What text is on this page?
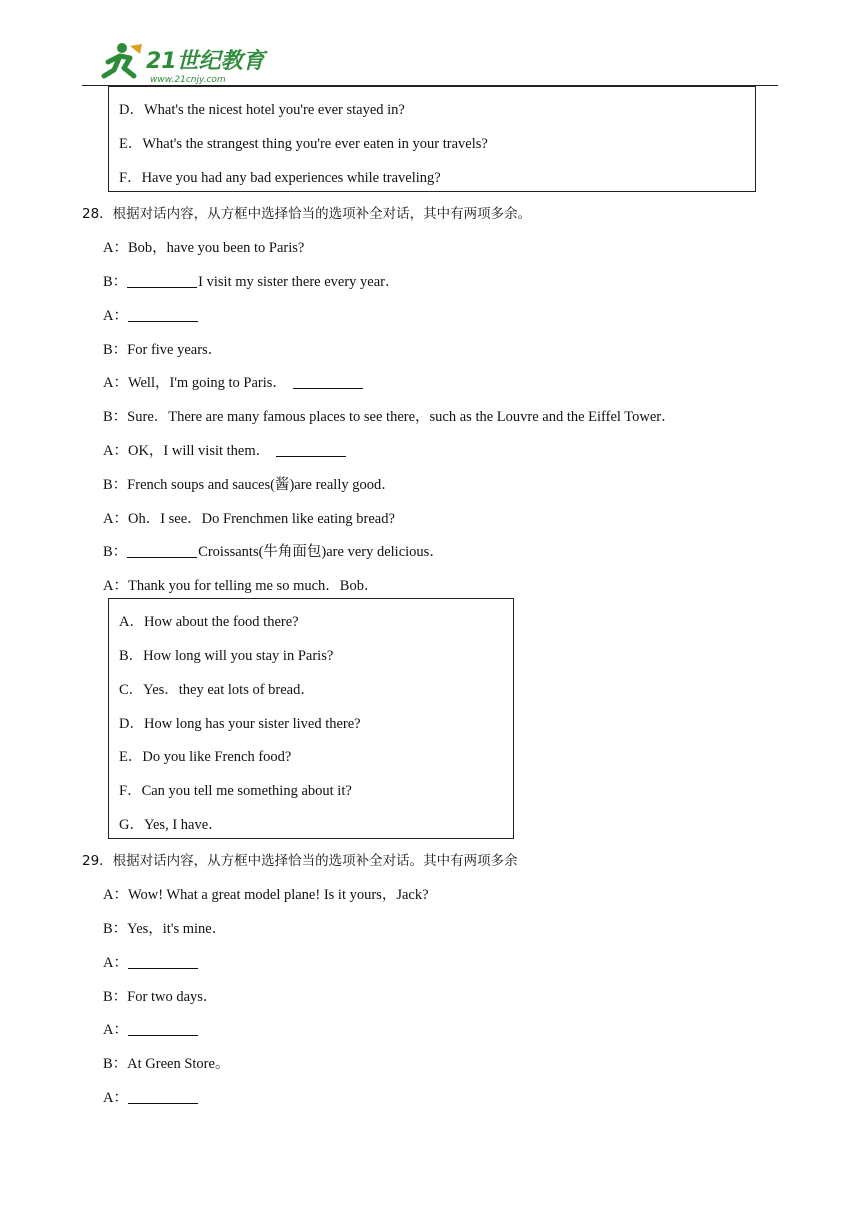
21世纪教育
www.21cnjy.com
D．What's the nicest hotel you're ever stayed in?
E．What's the strangest thing you're ever eaten in your travels?
F．Have you had any bad experiences while traveling?
28．根据对话内容，从方框中选择恰当的选项补全对话，其中有两项多余。
A：Bob，have you been to Paris?
B：	I visit my sister there every year．
A：
B：For five years．
A：Well，I'm going to Paris．
B：Sure．There are many famous places to see there，such as the Louvre and the Eiffel Tower．
A：OK，I will visit them．
B：French soups and sauces(酱)are really good．
A：Oh．I see．Do Frenchmen like eating bread?
B：	Croissants(牛角面包)are very delicious．
A：Thank you for telling me so much．Bob．
A．How about the food there?
B．How long will you stay in Paris?
C．Yes．they eat lots of bread．
D．How long has your sister lived there?
E．Do you like French food?
F．Can you tell me something about it?
G．Yes, I have．
29．根据对话内容，从方框中选择恰当的选项补全对话。其中有两项多余
A：Wow! What a great model plane! Is it yours，Jack?
B：Yes，it's mine．
A：
B：For two days．
A：
B：At Green Store。
A：
